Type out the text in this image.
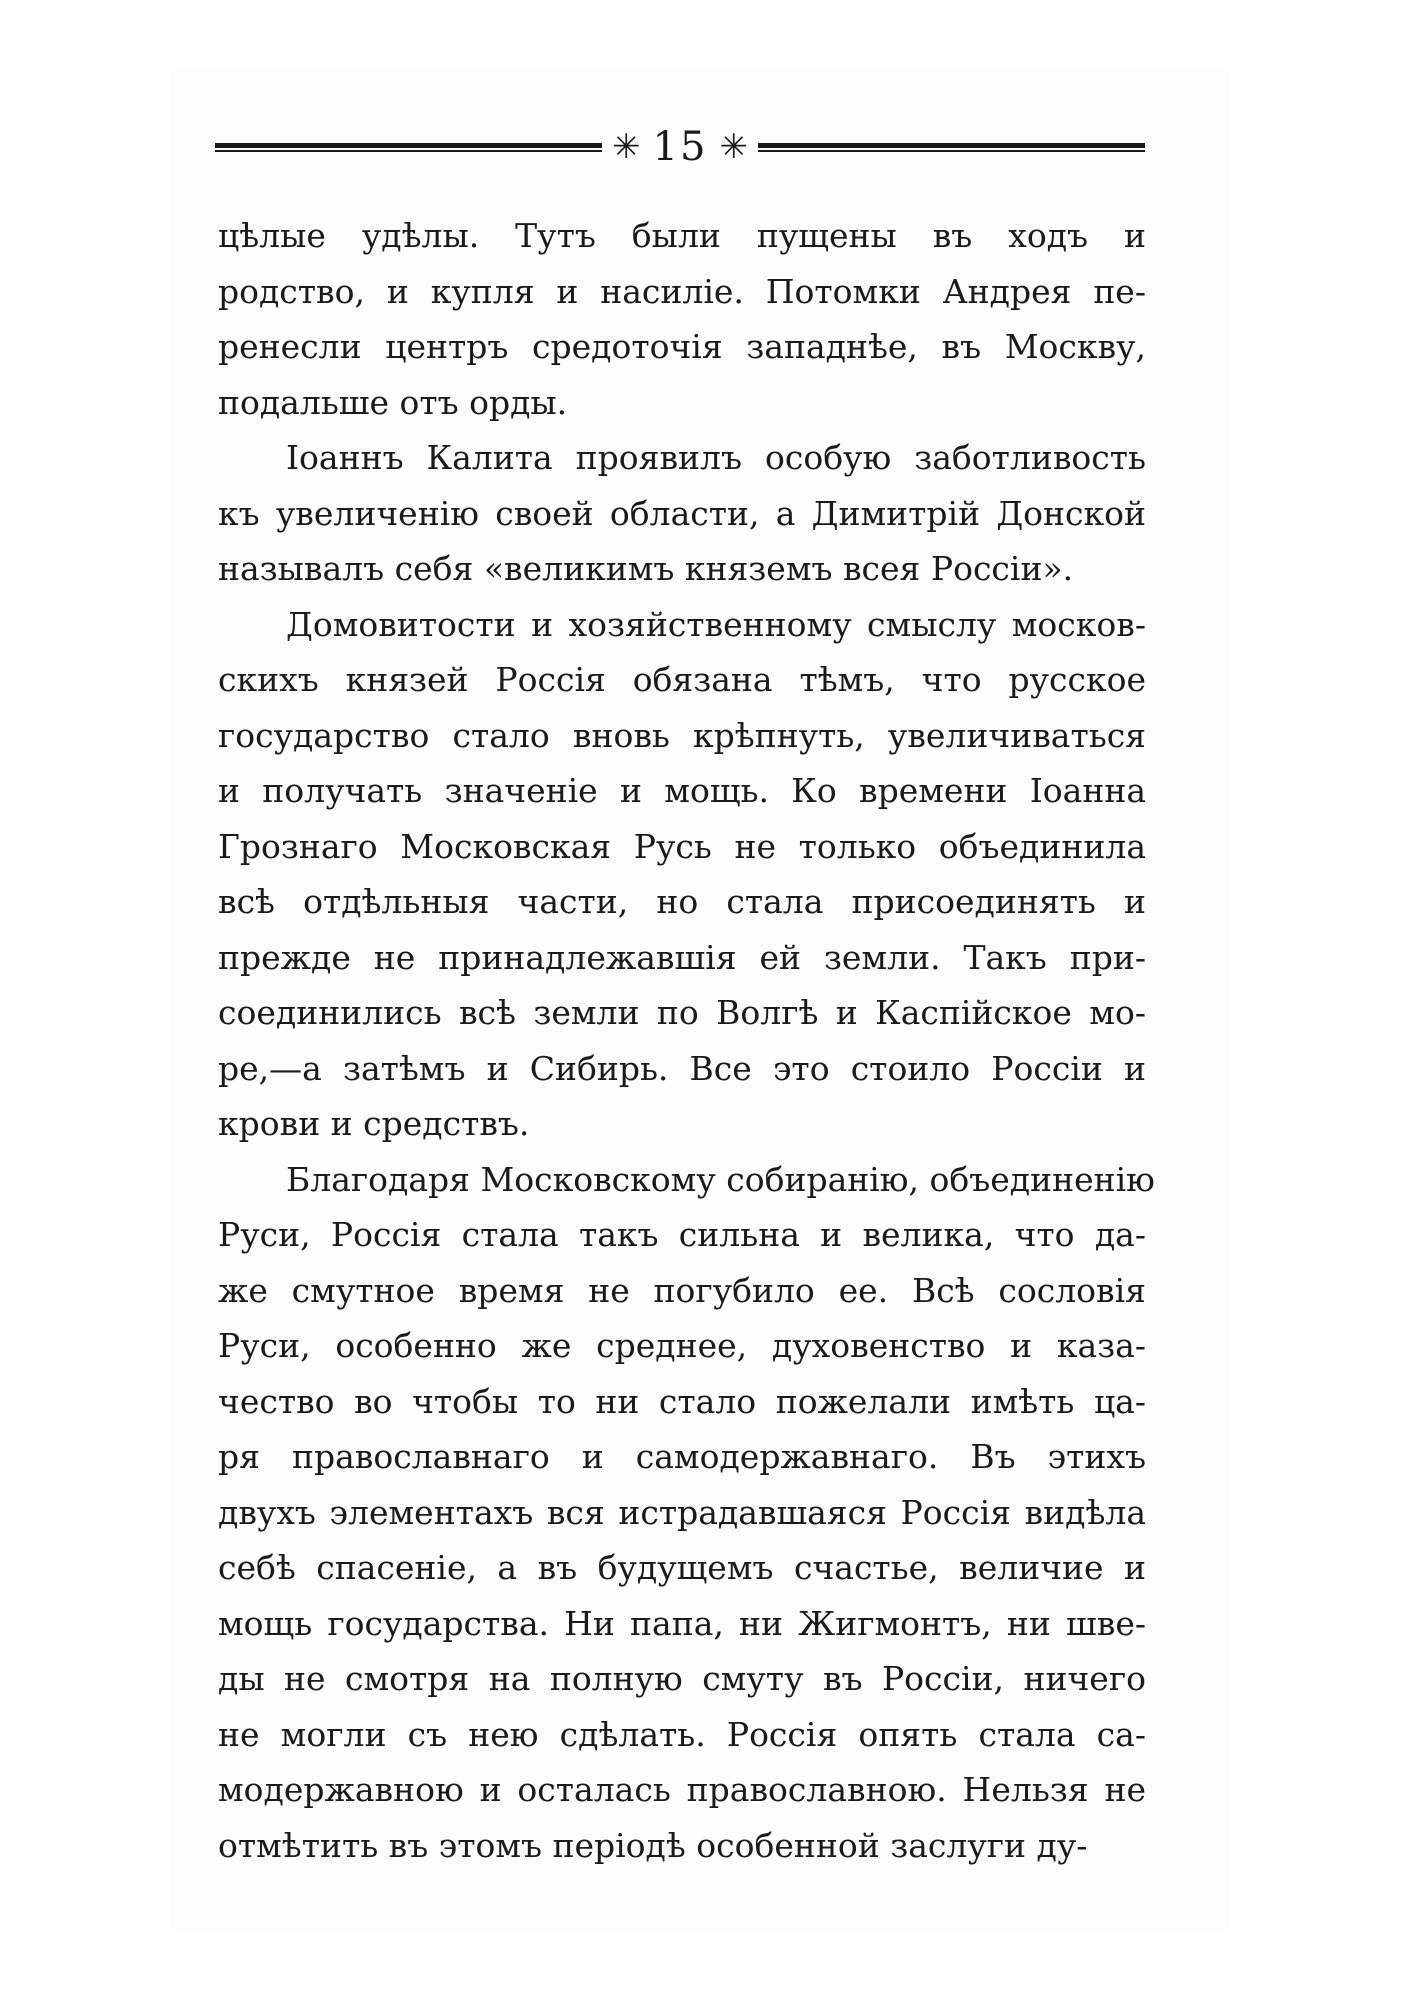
✳ 15 ✳
цѣлые удѣлы. Тутъ были пущены въ ходъ и
родство, и купля и насиліе. Потомки Андрея пе-
ренесли центръ средоточія западнѣе, въ Москву,
подальше отъ орды.
Іоаннъ Калита проявилъ особую заботливость
къ увеличенію своей области, а Димитрій Донской
называлъ себя «великимъ княземъ всея Россіи».
Домовитости и хозяйственному смыслу москов-
скихъ князей Россія обязана тѣмъ, что русское
государство стало вновь крѣпнуть, увеличиваться
и получать значеніе и мощь. Ко времени Іоанна
Грознаго Московская Русь не только объединила
всѣ отдѣльныя части, но стала присоединять и
прежде не принадлежавшія ей земли. Такъ при-
соединились всѣ земли по Волгѣ и Каспійское мо-
ре,—а затѣмъ и Сибирь. Все это стоило Россіи и
крови и средствъ.
Благодаря Московскому собиранію, объединенію
Руси, Россія стала такъ сильна и велика, что да-
же смутное время не погубило ее. Всѣ сословія
Руси, особенно же среднее, духовенство и каза-
чество во чтобы то ни стало пожелали имѣть ца-
ря православнаго и самодержавнаго. Въ этихъ
двухъ элементахъ вся истрадавшаяся Россія видѣла
себѣ спасеніе, а въ будущемъ счастье, величие и
мощь государства. Ни папа, ни Жигмонтъ, ни шве-
ды не смотря на полную смуту въ Россіи, ничего
не могли съ нею сдѣлать. Россія опять стала са-
модержавною и осталась православною. Нельзя не
отмѣтить въ этомъ періодѣ особенной заслуги ду-
